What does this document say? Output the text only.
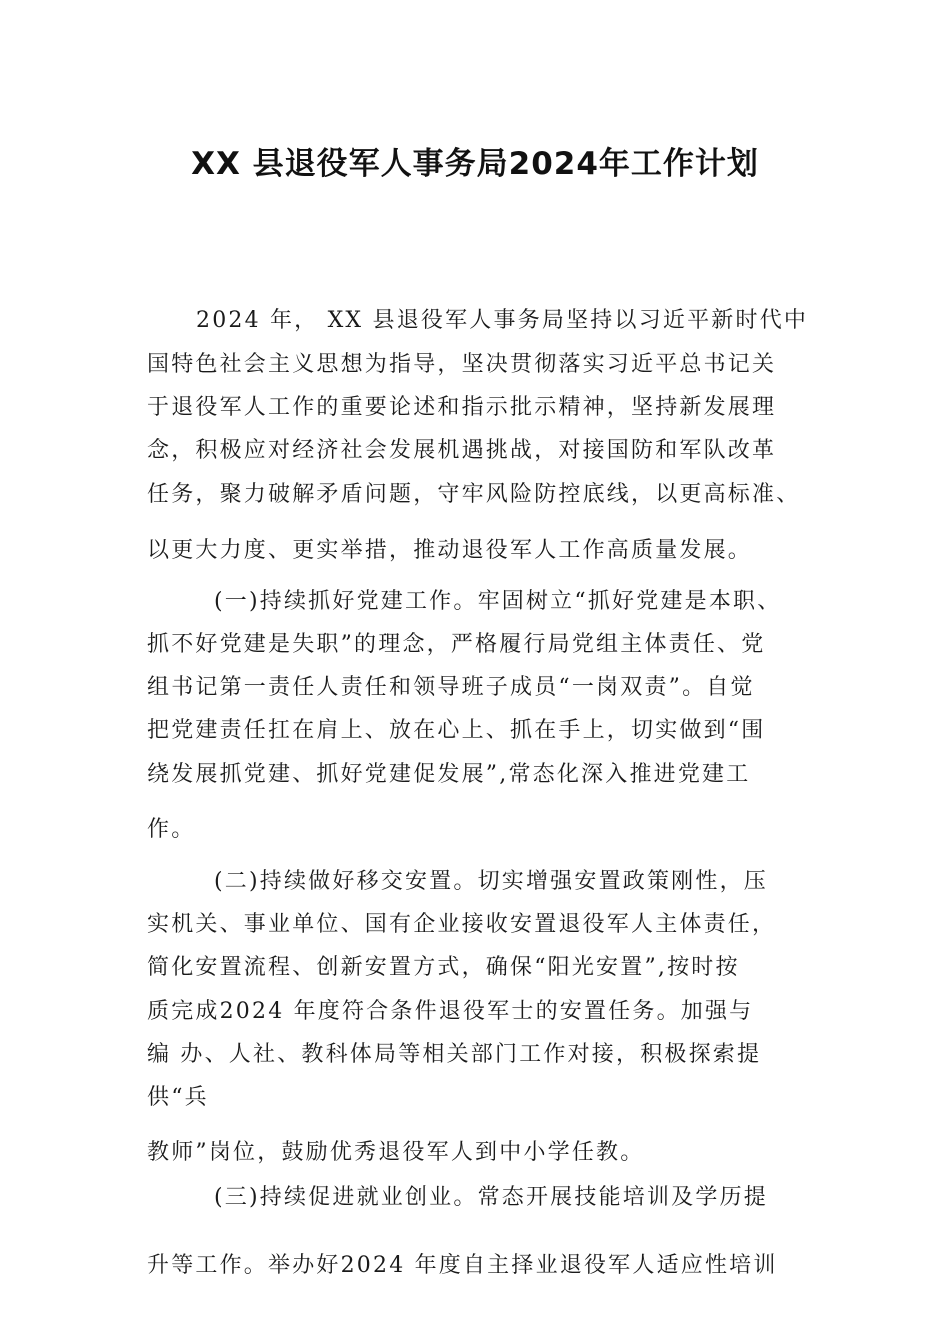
XX 县退役军人事务局2024年工作计划
2024 年， XX 县退役军人事务局坚持以习近平新时代中
国特色社会主义思想为指导，坚决贯彻落实习近平总书记关
于退役军人工作的重要论述和指示批示精神，坚持新发展理
念，积极应对经济社会发展机遇挑战，对接国防和军队改革
任务，聚力破解矛盾问题，守牢风险防控底线，以更高标准、
以更大力度、更实举措，推动退役军人工作高质量发展。
(一)持续抓好党建工作。牢固树立“抓好党建是本职、
抓不好党建是失职”的理念，严格履行局党组主体责任、党
组书记第一责任人责任和领导班子成员“一岗双责”。自觉
把党建责任扛在肩上、放在心上、抓在手上，切实做到“围
绕发展抓党建、抓好党建促发展”,常态化深入推进党建工
作。
(二)持续做好移交安置。切实增强安置政策刚性，压
实机关、事业单位、国有企业接收安置退役军人主体责任，
简化安置流程、创新安置方式，确保“阳光安置”,按时按
质完成2024 年度符合条件退役军士的安置任务。加强与
编 办、人社、教科体局等相关部门工作对接，积极探索提
供“兵
教师”岗位，鼓励优秀退役军人到中小学任教。
(三)持续促进就业创业。常态开展技能培训及学历提
升等工作。举办好2024 年度自主择业退役军人适应性培训
